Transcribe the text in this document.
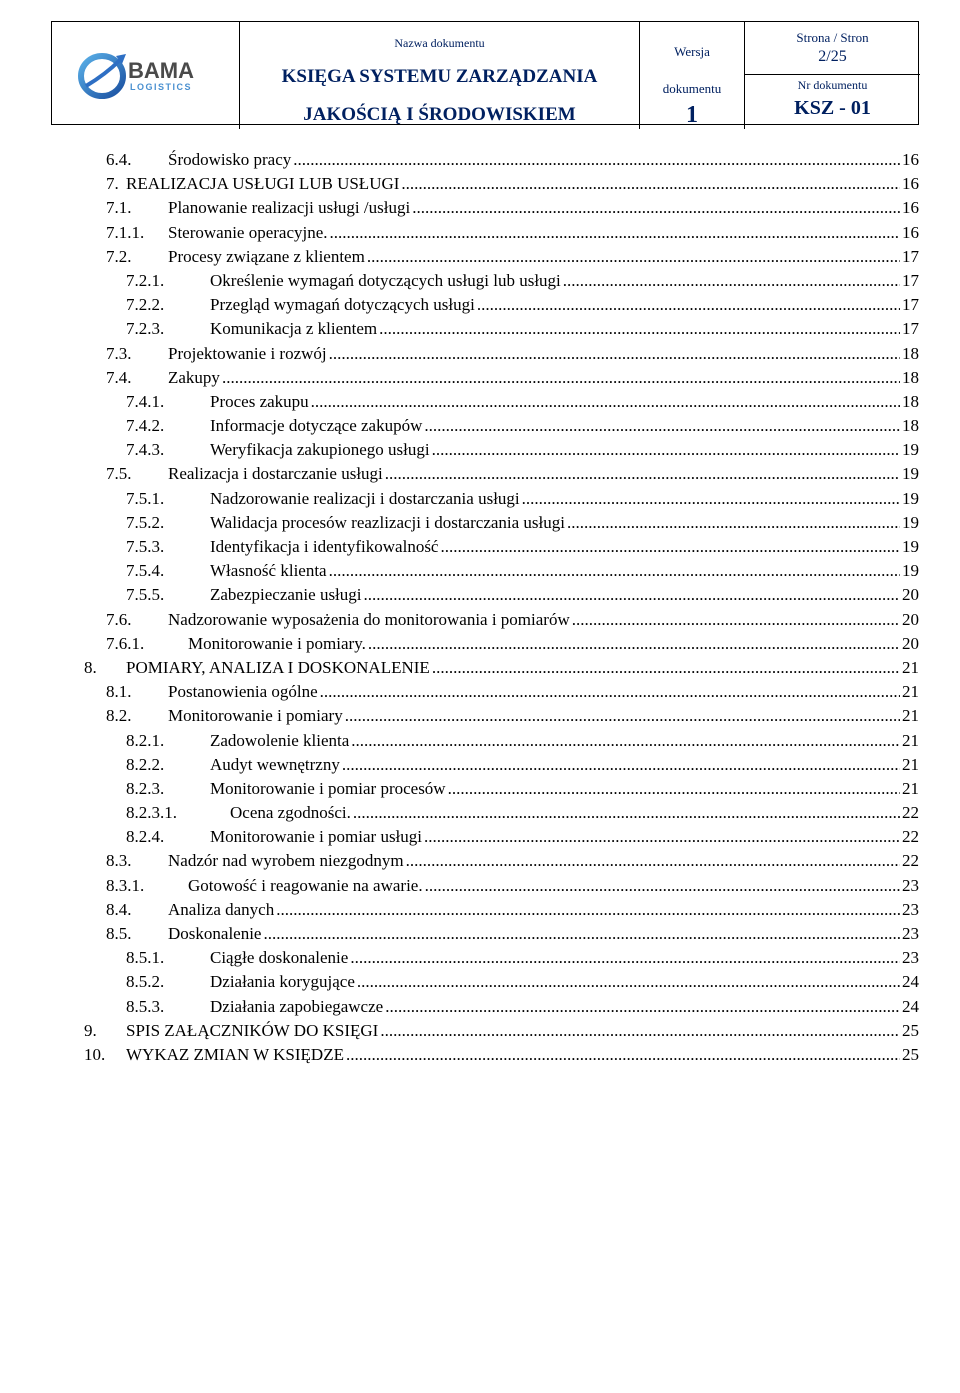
BAMA
LOGISTICS
Nazwa dokumentu
KSIĘGA SYSTEMU ZARZĄDZANIA
JAKOŚCIĄ I ŚRODOWISKIEM
Wersja
dokumentu
1
Strona / Stron
2/25
Nr dokumentu
KSZ - 01
6.4. Środowisko pracy .....	16
7. REALIZACJA USŁUGI LUB USŁUGI .....	16
7.1. Planowanie realizacji usługi /usługi .....	16
7.1.1. Sterowanie operacyjne. .....	16
7.2. Procesy związane z klientem .....	17
7.2.1.	Określenie wymagań dotyczących usługi lub usługi .....	17
7.2.2.	Przegląd wymagań dotyczących usługi .....	17
7.2.3.	Komunikacja z klientem .....	17
7.3. Projektowanie i rozwój .....	18
7.4. Zakupy .....	18
7.4.1.	Proces zakupu .....	18
7.4.2.	Informacje dotyczące zakupów .....	18
7.4.3.	Weryfikacja zakupionego usługi .....	19
7.5. Realizacja i dostarczanie usługi .....	19
7.5.1.	Nadzorowanie realizacji i dostarczania usługi .....	19
7.5.2.	Walidacja procesów reazlizacji i dostarczania usługi .....	19
7.5.3.	Identyfikacja i identyfikowalność .....	19
7.5.4.	Własność klienta .....	19
7.5.5.	Zabezpieczanie usługi .....	20
7.6. Nadzorowanie wyposażenia do monitorowania i pomiarów .....	20
7.6.1.	Monitorowanie i pomiary. .....	20
8. POMIARY, ANALIZA I DOSKONALENIE .....	21
8.1. Postanowienia ogólne .....	21
8.2. Monitorowanie i pomiary .....	21
8.2.1.	Zadowolenie klienta .....	21
8.2.2.	Audyt wewnętrzny .....	21
8.2.3.	Monitorowanie i pomiar procesów .....	21
8.2.3.1.	Ocena zgodności. .....	22
8.2.4.	Monitorowanie i pomiar usługi .....	22
8.3. Nadzór nad wyrobem niezgodnym .....	22
8.3.1.	Gotowość i reagowanie na awarie. .....	23
8.4. Analiza danych .....	23
8.5. Doskonalenie .....	23
8.5.1.	Ciągłe doskonalenie .....	23
8.5.2.	Działania korygujące .....	24
8.5.3.	Działania zapobiegawcze .....	24
9. SPIS ZAŁĄCZNIKÓW DO KSIĘGI .....	25
10. WYKAZ ZMIAN W KSIĘDZE .....	25
